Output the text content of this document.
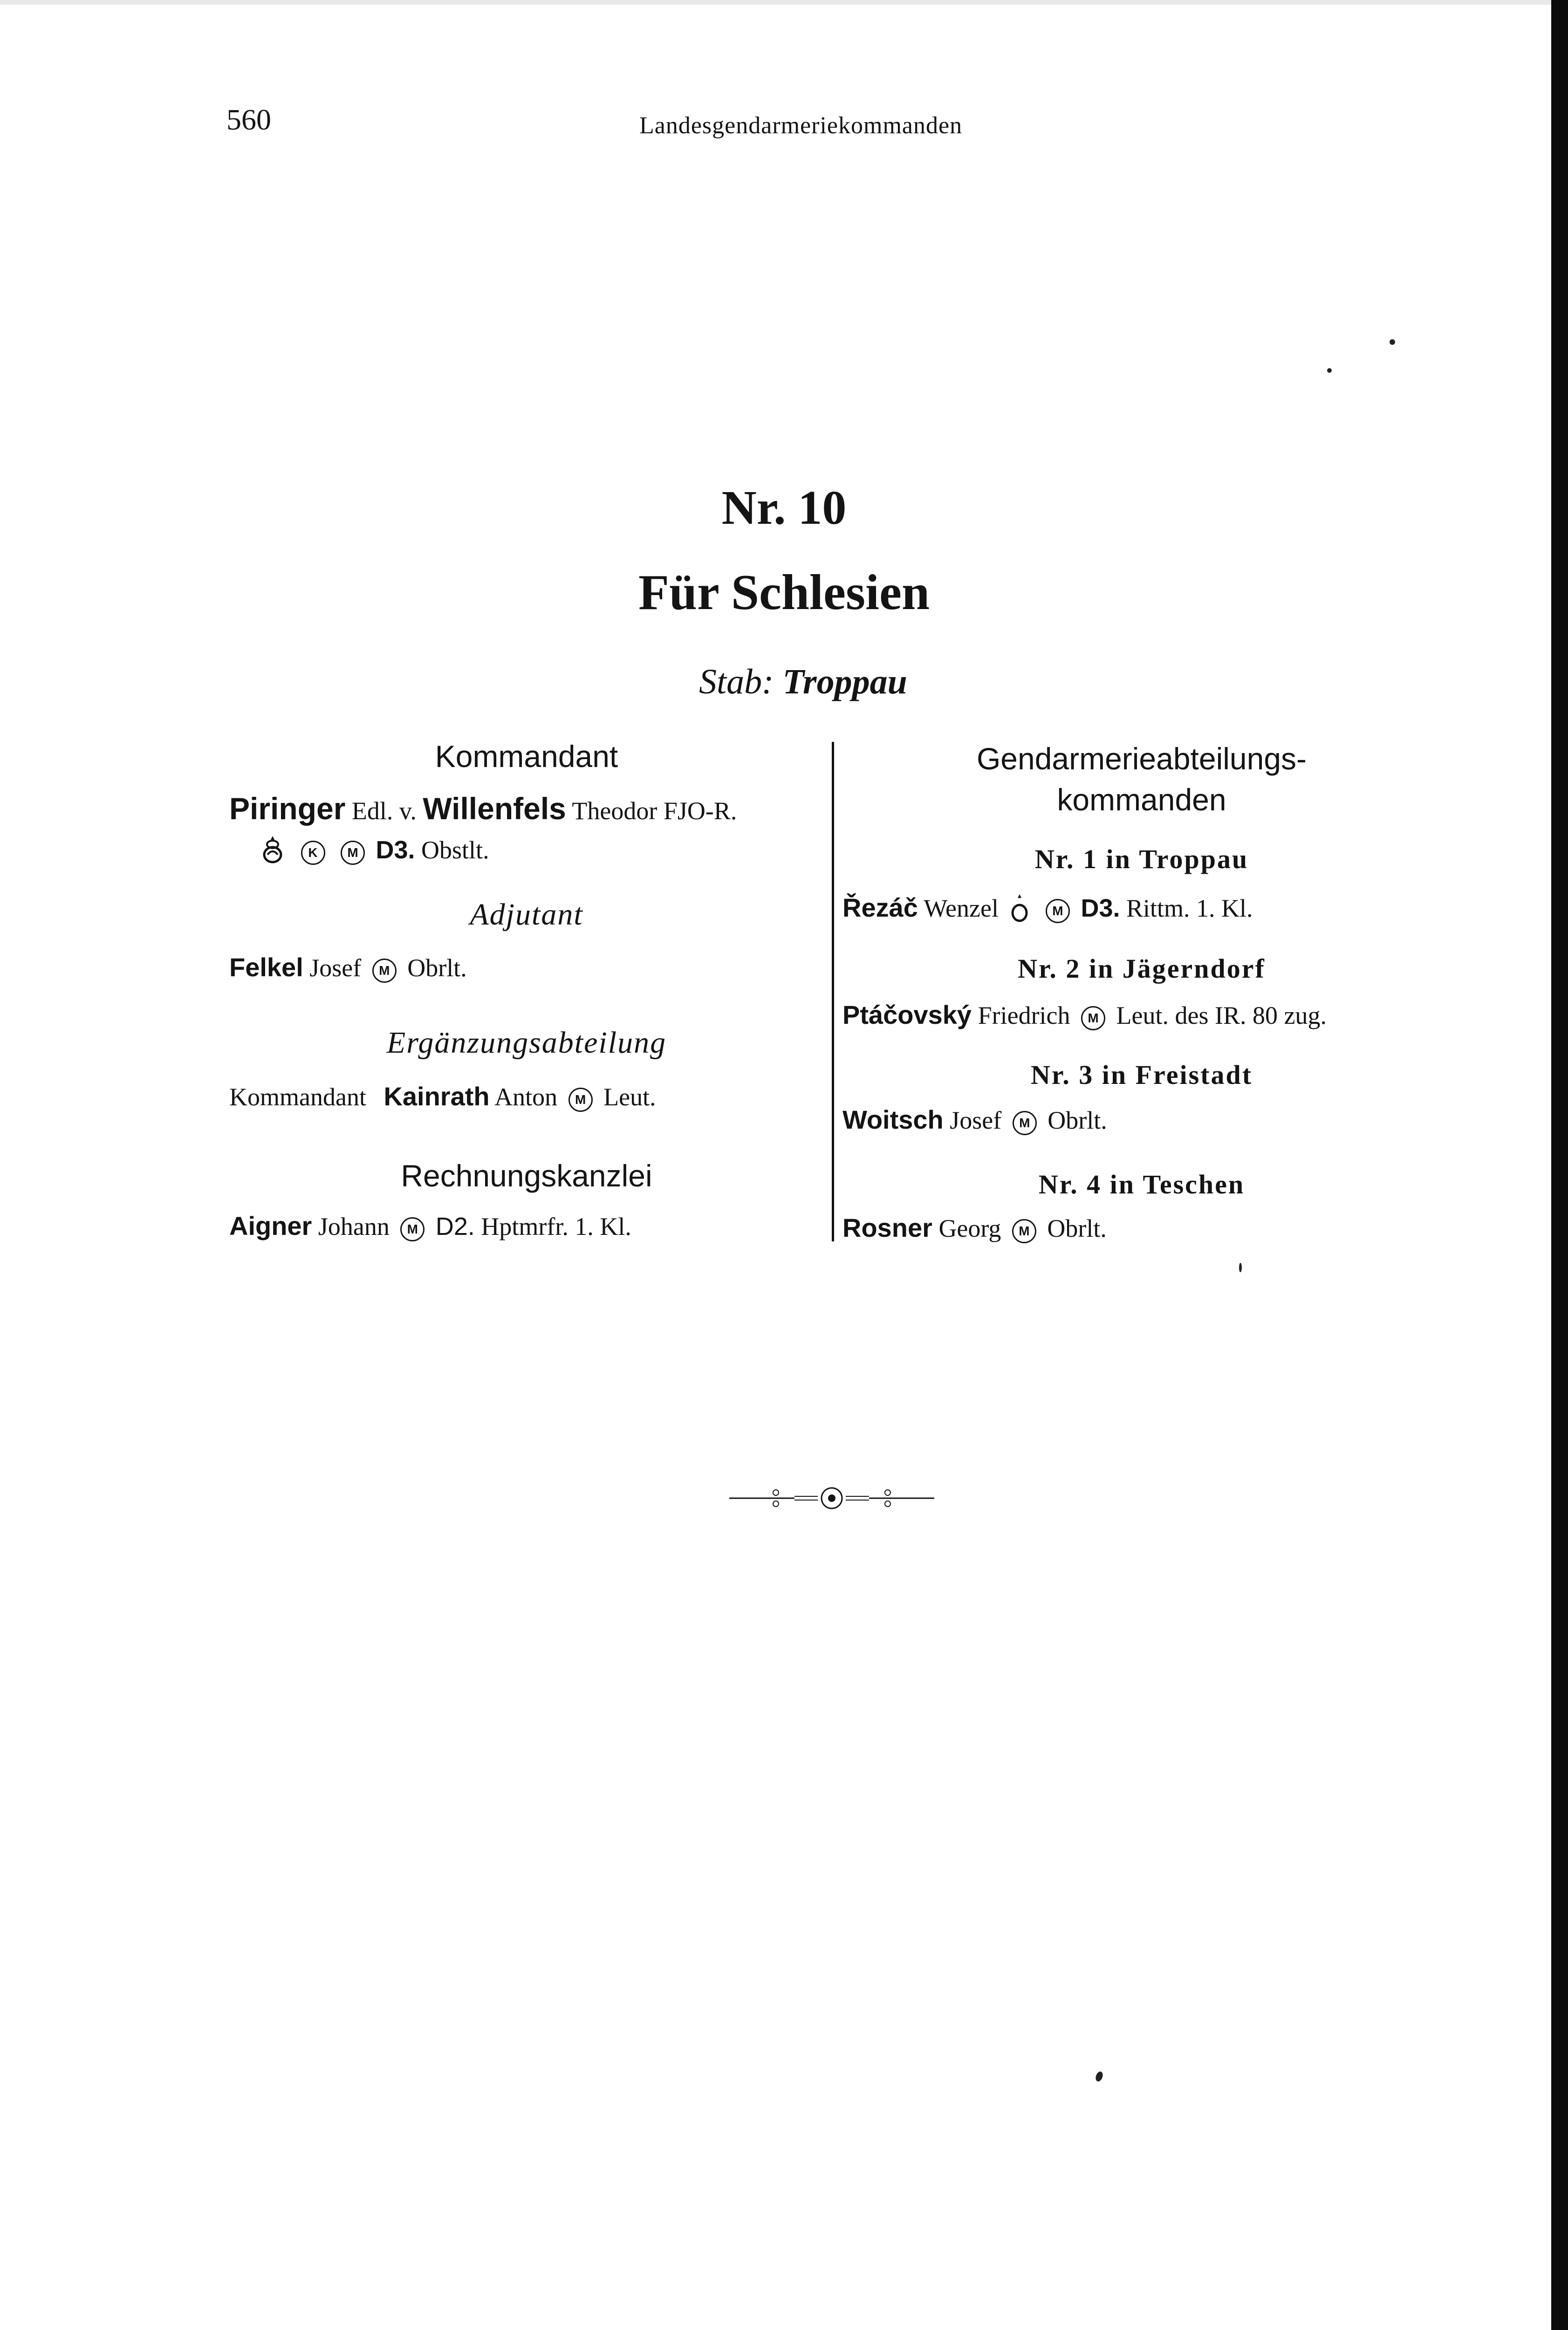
560	Landesgendarmeriekommanden
Nr. 10
Für Schlesien
Stab: Troppau
Kommandant
Piringer Edl. v. Willenfels Theodor FJO-R.
K M D3. Obstlt.
Adjutant
Felkel Josef M Obrlt.
Ergänzungsabteilung
Kommandant Kainrath Anton M Leut.
Rechnungskanzlei
Aigner Johann M D2. Hptmrfr. 1. Kl.
Gendarmerieabteilungs-
kommanden
Nr. 1 in Troppau
Řezáč Wenzel	M D3. Rittm. 1. Kl.
Nr. 2 in Jägerndorf
Ptáčovský Friedrich M Leut. des IR. 80 zug.
Nr. 3 in Freistadt
Woitsch Josef M Obrlt.
Nr. 4 in Teschen
Rosner Georg M Obrlt.
